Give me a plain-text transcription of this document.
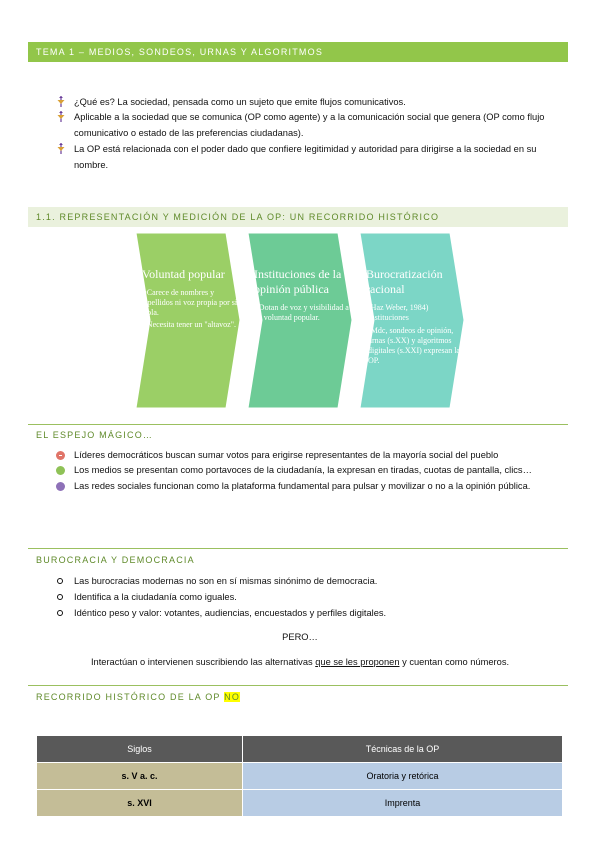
TEMA 1 – MEDIOS, SONDEOS, URNAS Y ALGORITMOS
¿Qué es? La sociedad, pensada como un sujeto que emite flujos comunicativos.
Aplicable a la sociedad que se comunica (OP como agente) y a la comunicación social que genera (OP como flujo comunicativo o estado de las preferencias ciudadanas).
La OP está relacionada con el poder dado que confiere legitimidad y autoridad para dirigirse a la sociedad en su nombre.
1.1. REPRESENTACIÓN Y MEDICIÓN DE LA OP: UN RECORRIDO HISTÓRICO
Voluntad popular
•Carece de nombres y apellidos ni voz propia por sí sola.
•Necesita tener un "altavoz".
Instituciones de la opinión pública
•Dotan de voz y visibilidad a la voluntad popular.
Burocratización racional
(Haz Weber, 1984) Instituciones
•Mdc, sondeos de opinión, urnas (s.XX) y algoritmos digitales (s.XXI) expresan la OP.
EL ESPEJO MÁGICO…
Líderes democráticos buscan sumar votos para erigirse representantes de la mayoría social del pueblo
Los medios se presentan como portavoces de la ciudadanía, la expresan en tiradas, cuotas de pantalla, clics…
Las redes sociales funcionan como la plataforma fundamental para pulsar y movilizar o no a la opinión pública.
BUROCRACIA Y DEMOCRACIA
Las burocracias modernas no son en sí mismas sinónimo de democracia.
Identifica a la ciudadanía como iguales.
Idéntico peso y valor: votantes, audiencias, encuestados y perfiles digitales.
PERO…
Interactúan o intervienen suscribiendo las alternativas que se les proponen y cuentan como números.
RECORRIDO HISTÓRICO DE LA OP NO
Siglos	Técnicas de la OP
s. V a. c.	Oratoria y retórica
s. XVI	Imprenta
